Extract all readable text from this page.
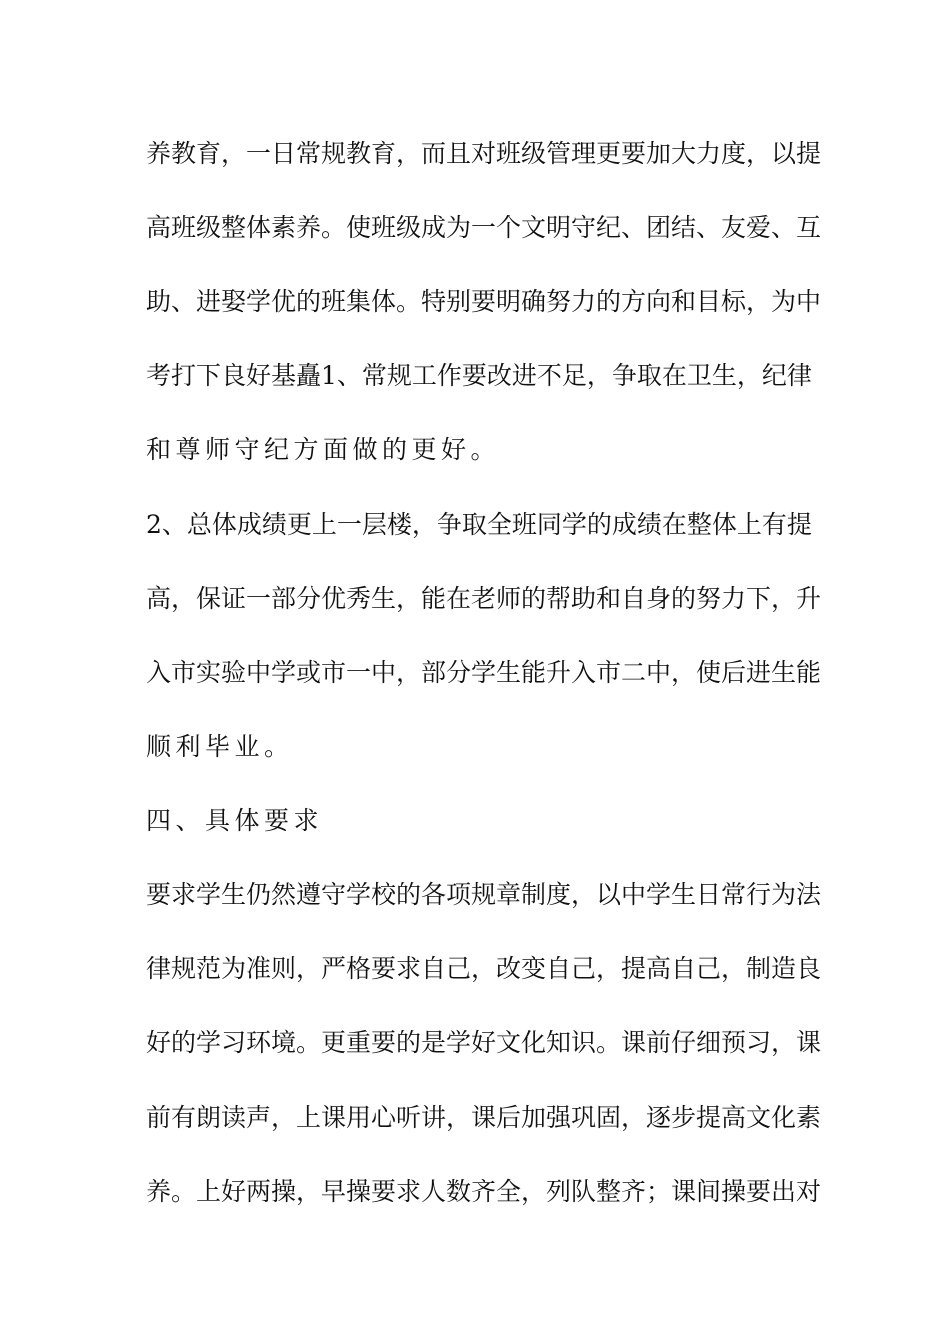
养教育，一日常规教育，而且对班级管理更要加大力度，以提
高班级整体素养。使班级成为一个文明守纪、团结、友爱、互
助、进娶学优的班集体。特别要明确努力的方向和目标，为中
考打下良好基矗1、常规工作要改进不足，争取在卫生，纪律
和尊师守纪方面做的更好。
2、总体成绩更上一层楼，争取全班同学的成绩在整体上有提
高，保证一部分优秀生，能在老师的帮助和自身的努力下，升
入市实验中学或市一中，部分学生能升入市二中，使后进生能
顺利毕业。
四、具体要求
要求学生仍然遵守学校的各项规章制度，以中学生日常行为法
律规范为准则，严格要求自己，改变自己，提高自己，制造良
好的学习环境。更重要的是学好文化知识。课前仔细预习，课
前有朗读声，上课用心听讲，课后加强巩固，逐步提高文化素
养。上好两操，早操要求人数齐全，列队整齐；课间操要出对
